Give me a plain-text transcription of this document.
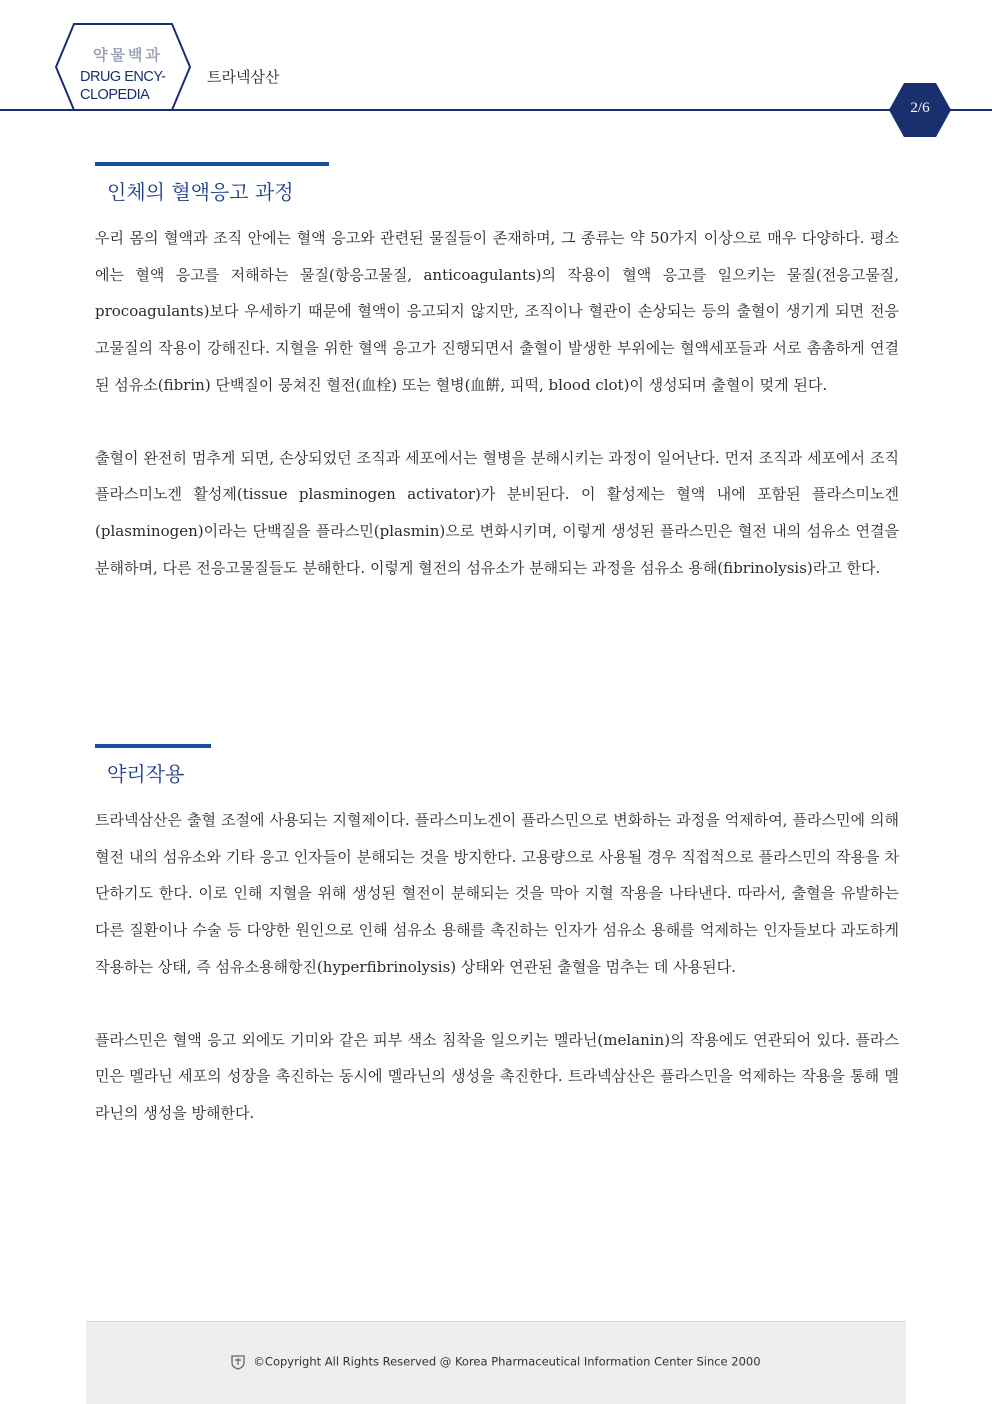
약물백과
DRUG ENCY-
CLOPEDIA
트라넥삼산
2/6
인체의 혈액응고 과정

우리 몸의 혈액과 조직 안에는 혈액 응고와 관련된 물질들이 존재하며, 그 종류는 약 50가지 이상으로 매우 다양하다. 평소에는 혈액 응고를 저해하는 물질(항응고물질, anticoagulants)의 작용이 혈액 응고를 일으키는 물질(전응고물질, procoagulants)보다 우세하기 때문에 혈액이 응고되지 않지만, 조직이나 혈관이 손상되는 등의 출혈이 생기게 되면 전응고물질의 작용이 강해진다. 지혈을 위한 혈액 응고가 진행되면서 출혈이 발생한 부위에는 혈액세포들과 서로 촘촘하게 연결된 섬유소(fibrin) 단백질이 뭉쳐진 혈전(血栓) 또는 혈병(血餠, 피떡, blood clot)이 생성되며 출혈이 멎게 된다.

출혈이 완전히 멈추게 되면, 손상되었던 조직과 세포에서는 혈병을 분해시키는 과정이 일어난다. 먼저 조직과 세포에서 조직 플라스미노겐 활성제(tissue plasminogen activator)가 분비된다. 이 활성제는 혈액 내에 포함된 플라스미노겐(plasminogen)이라는 단백질을 플라스민(plasmin)으로 변화시키며, 이렇게 생성된 플라스민은 혈전 내의 섬유소 연결을 분해하며, 다른 전응고물질들도 분해한다. 이렇게 혈전의 섬유소가 분해되는 과정을 섬유소 용해(fibrinolysis)라고 한다.

약리작용

트라넥삼산은 출혈 조절에 사용되는 지혈제이다. 플라스미노겐이 플라스민으로 변화하는 과정을 억제하여, 플라스민에 의해 혈전 내의 섬유소와 기타 응고 인자들이 분해되는 것을 방지한다. 고용량으로 사용될 경우 직접적으로 플라스민의 작용을 차단하기도 한다. 이로 인해 지혈을 위해 생성된 혈전이 분해되는 것을 막아 지혈 작용을 나타낸다. 따라서, 출혈을 유발하는 다른 질환이나 수술 등 다양한 원인으로 인해 섬유소 용해를 촉진하는 인자가 섬유소 용해를 억제하는 인자들보다 과도하게 작용하는 상태, 즉 섬유소용해항진(hyperfibrinolysis) 상태와 연관된 출혈을 멈추는 데 사용된다.

플라스민은 혈액 응고 외에도 기미와 같은 피부 색소 침착을 일으키는 멜라닌(melanin)의 작용에도 연관되어 있다. 플라스민은 멜라닌 세포의 성장을 촉진하는 동시에 멜라닌의 생성을 촉진한다. 트라넥삼산은 플라스민을 억제하는 작용을 통해 멜라닌의 생성을 방해한다.

©Copyright All Rights Reserved @ Korea Pharmaceutical Information Center Since 2000
